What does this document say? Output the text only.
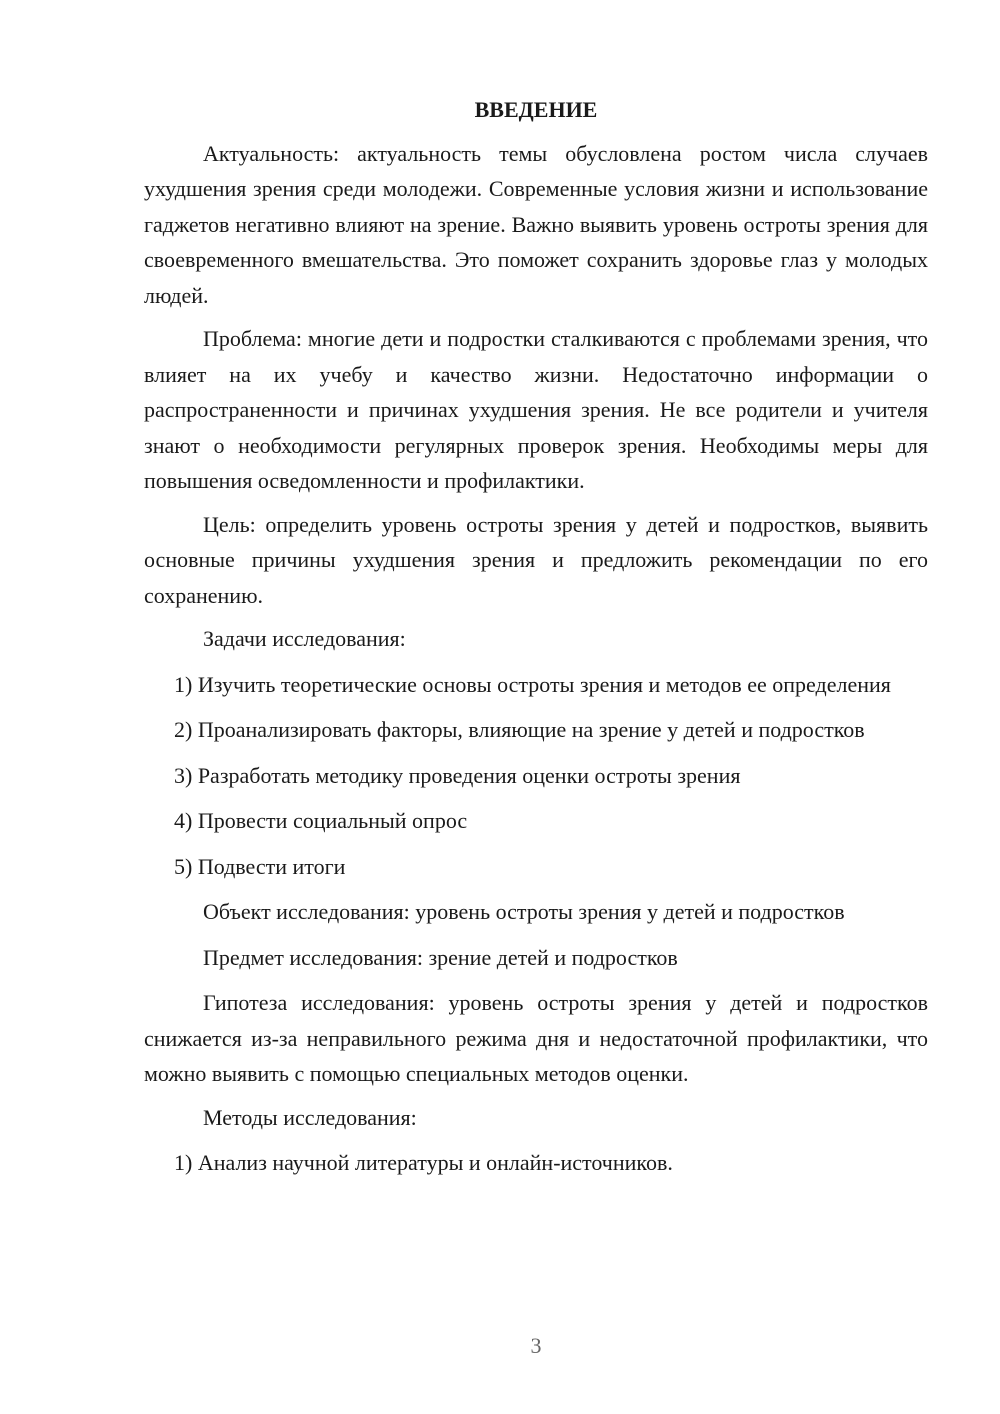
ВВЕДЕНИЕ

Актуальность: актуальность темы обусловлена ростом числа случаев ухудшения зрения среди молодежи. Современные условия жизни и использование гаджетов негативно влияют на зрение. Важно выявить уровень остроты зрения для своевременного вмешательства. Это поможет сохранить здоровье глаз у молодых людей.

Проблема: многие дети и подростки сталкиваются с проблемами зрения, что влияет на их учебу и качество жизни. Недостаточно информации о распространенности и причинах ухудшения зрения. Не все родители и учителя знают о необходимости регулярных проверок зрения. Необходимы меры для повышения осведомленности и профилактики.

Цель: определить уровень остроты зрения у детей и подростков, выявить основные причины ухудшения зрения и предложить рекомендации по его сохранению.

Задачи исследования:

1) Изучить теоретические основы остроты зрения и методов ее определения

2) Проанализировать факторы, влияющие на зрение у детей и подростков

3) Разработать методику проведения оценки остроты зрения

4) Провести социальный опрос

5) Подвести итоги

Объект исследования: уровень остроты зрения у детей и подростков

Предмет исследования: зрение детей и подростков

Гипотеза исследования: уровень остроты зрения у детей и подростков снижается из-за неправильного режима дня и недостаточной профилактики, что можно выявить с помощью специальных методов оценки.

Методы исследования:

1) Анализ научной литературы и онлайн-источников.

3
